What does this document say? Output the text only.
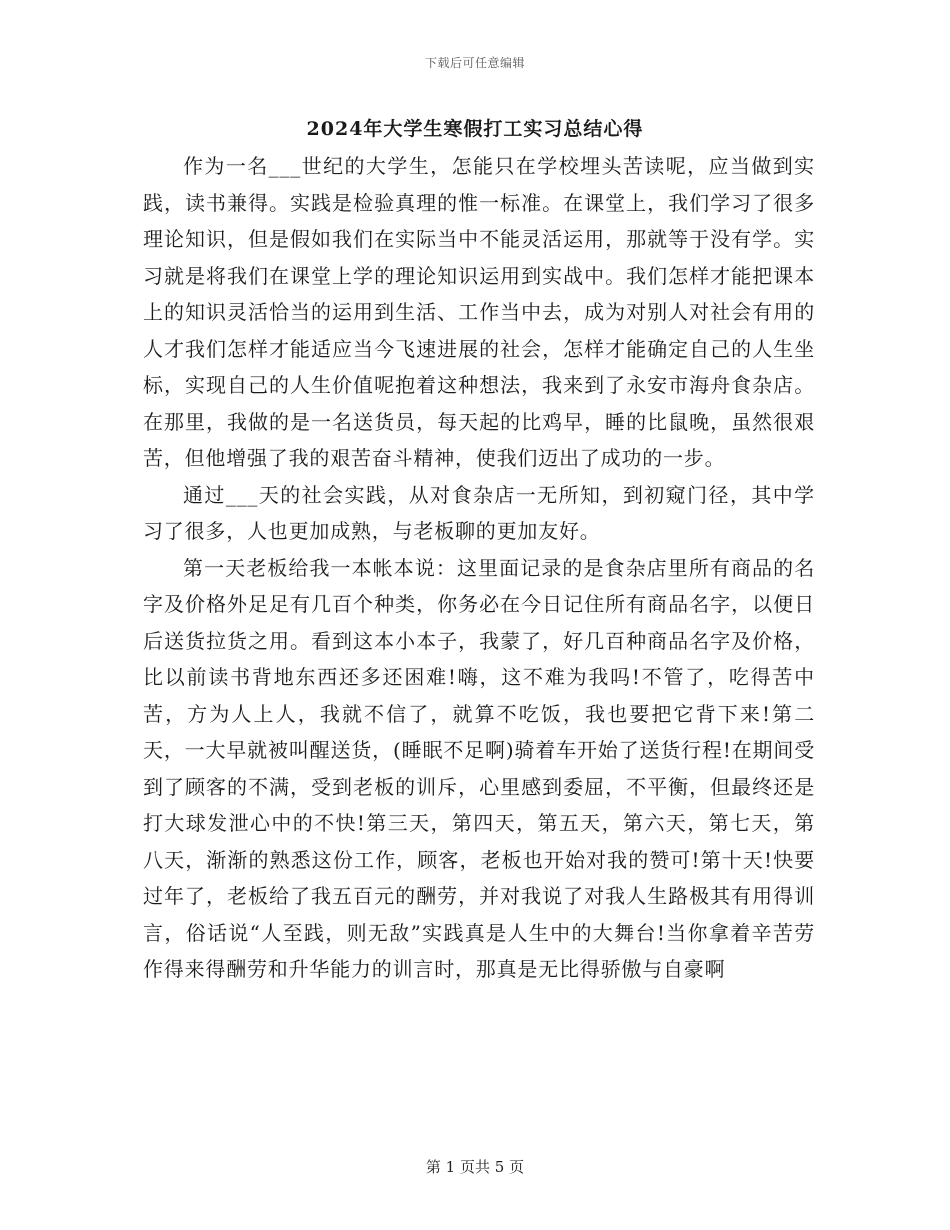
下载后可任意编辑
2024年大学生寒假打工实习总结心得

作为一名___世纪的大学生，怎能只在学校埋头苦读呢，应当做到实践，读书兼得。实践是检验真理的惟一标准。在课堂上，我们学习了很多理论知识，但是假如我们在实际当中不能灵活运用，那就等于没有学。实习就是将我们在课堂上学的理论知识运用到实战中。我们怎样才能把课本上的知识灵活恰当的运用到生活、工作当中去，成为对别人对社会有用的人才我们怎样才能适应当今飞速进展的社会，怎样才能确定自己的人生坐标，实现自己的人生价值呢抱着这种想法，我来到了永安市海舟食杂店。在那里，我做的是一名送货员，每天起的比鸡早，睡的比鼠晚，虽然很艰苦，但他增强了我的艰苦奋斗精神，使我们迈出了成功的一步。

通过___天的社会实践，从对食杂店一无所知，到初窥门径，其中学习了很多，人也更加成熟，与老板聊的更加友好。

第一天老板给我一本帐本说：这里面记录的是食杂店里所有商品的名字及价格外足足有几百个种类，你务必在今日记住所有商品名字，以便日后送货拉货之用。看到这本小本子，我蒙了，好几百种商品名字及价格，比以前读书背地东西还多还困难!嗨，这不难为我吗!不管了，吃得苦中苦，方为人上人，我就不信了，就算不吃饭，我也要把它背下来!第二天，一大早就被叫醒送货，(睡眠不足啊)骑着车开始了送货行程!在期间受到了顾客的不满，受到老板的训斥，心里感到委屈，不平衡，但最终还是打大球发泄心中的不快!第三天，第四天，第五天，第六天，第七天，第八天，渐渐的熟悉这份工作，顾客，老板也开始对我的赞可!第十天!快要过年了，老板给了我五百元的酬劳，并对我说了对我人生路极其有用得训言，俗话说“人至践，则无敌”实践真是人生中的大舞台!当你拿着辛苦劳作得来得酬劳和升华能力的训言时，那真是无比得骄傲与自豪啊

第 1 页共 5 页
